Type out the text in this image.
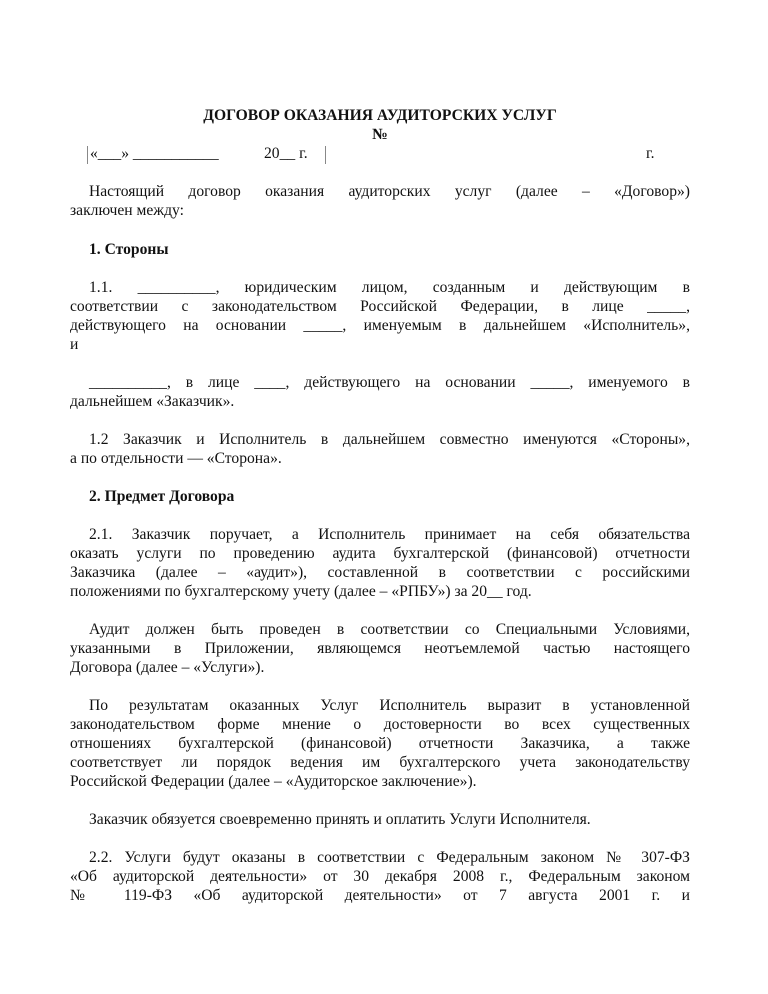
ДОГОВОР ОКАЗАНИЯ АУДИТОРСКИХ УСЛУГ
№
«___» ___________	20__ г.	г.
Настоящий договор оказания аудиторских услуг (далее – «Договор»)
заключен между:
1. Стороны
1.1. __________, юридическим лицом, созданным и действующим в
соответствии с законодательством Российской Федерации, в лице _____,
действующего на основании _____, именуемым в дальнейшем «Исполнитель»,
и
__________, в лице ____, действующего на основании _____, именуемого в
дальнейшем «Заказчик».
1.2 Заказчик и Исполнитель в дальнейшем совместно именуются «Стороны»,
а по отдельности — «Сторона».
2. Предмет Договора
2.1. Заказчик поручает, а Исполнитель принимает на себя обязательства
оказать услуги по проведению аудита бухгалтерской (финансовой) отчетности
Заказчика (далее – «аудит»), составленной в соответствии с российскими
положениями по бухгалтерскому учету (далее – «РПБУ») за 20__ год.
Аудит должен быть проведен в соответствии со Специальными Условиями,
указанными в Приложении, являющемся неотъемлемой частью настоящего
Договора (далее – «Услуги»).
По результатам оказанных Услуг Исполнитель выразит в установленной
законодательством форме мнение о достоверности во всех существенных
отношениях бухгалтерской (финансовой) отчетности Заказчика, а также
соответствует ли порядок ведения им бухгалтерского учета законодательству
Российской Федерации (далее – «Аудиторское заключение»).
Заказчик обязуется своевременно принять и оплатить Услуги Исполнителя.
2.2. Услуги будут оказаны в соответствии с Федеральным законом № 307-ФЗ
«Об аудиторской деятельности» от 30 декабря 2008 г., Федеральным законом
№ 119-ФЗ «Об аудиторской деятельности» от 7 августа 2001 г. и
